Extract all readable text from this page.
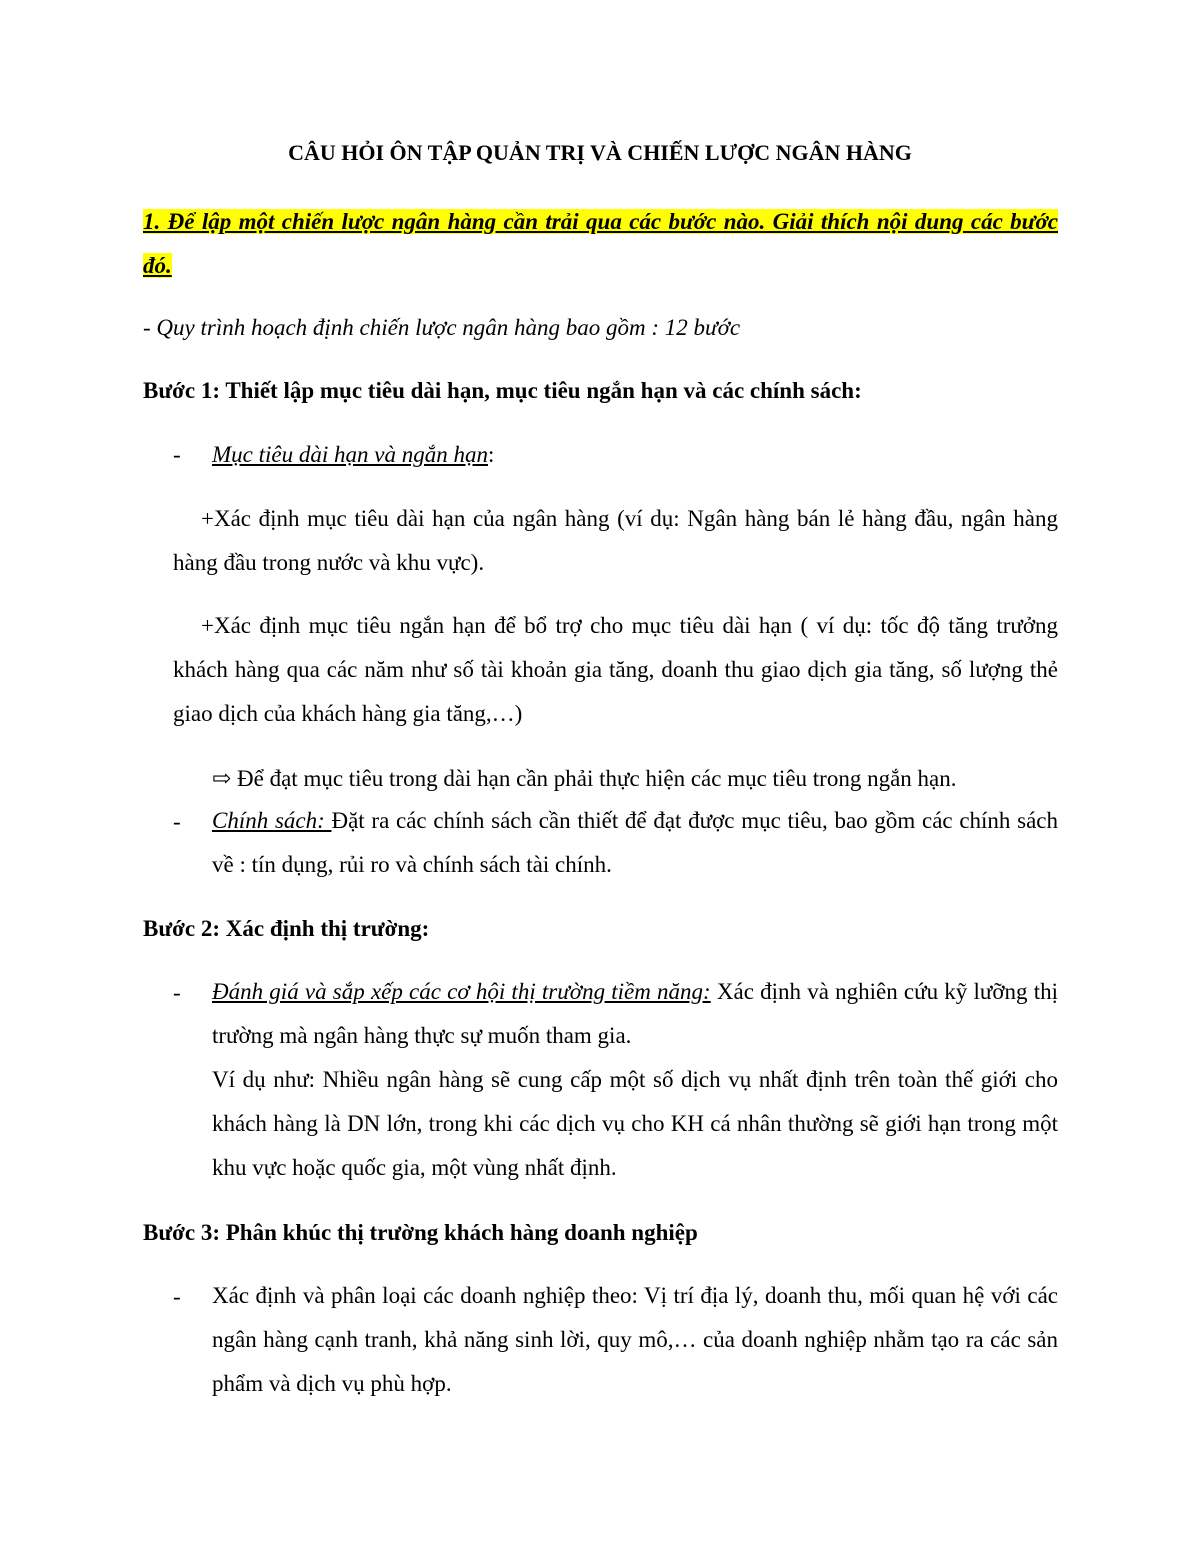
CÂU HỎI ÔN TẬP QUẢN TRỊ VÀ CHIẾN LƯỢC NGÂN HÀNG
1. Để lập một chiến lược ngân hàng cần trải qua các bước nào. Giải thích nội dung các bước đó.
- Quy trình hoạch định chiến lược ngân hàng bao gồm : 12 bước
Bước 1: Thiết lập mục tiêu dài hạn, mục tiêu ngắn hạn và các chính sách:
- Mục tiêu dài hạn và ngắn hạn:
+Xác định mục tiêu dài hạn của ngân hàng (ví dụ: Ngân hàng bán lẻ hàng đầu, ngân hàng hàng đầu trong nước và khu vực).
+Xác định mục tiêu ngắn hạn để bổ trợ cho mục tiêu dài hạn ( ví dụ: tốc độ tăng trưởng khách hàng qua các năm như số tài khoản gia tăng, doanh thu giao dịch gia tăng, số lượng thẻ giao dịch của khách hàng gia tăng,…)
⇨ Để đạt mục tiêu trong dài hạn cần phải thực hiện các mục tiêu trong ngắn hạn.
- Chính sách: Đặt ra các chính sách cần thiết để đạt được mục tiêu, bao gồm các chính sách về : tín dụng, rủi ro và chính sách tài chính.
Bước 2: Xác định thị trường:
- Đánh giá và sắp xếp các cơ hội thị trường tiềm năng: Xác định và nghiên cứu kỹ lưỡng thị trường mà ngân hàng thực sự muốn tham gia.
Ví dụ như: Nhiều ngân hàng sẽ cung cấp một số dịch vụ nhất định trên toàn thế giới cho khách hàng là DN lớn, trong khi các dịch vụ cho KH cá nhân thường sẽ giới hạn trong một khu vực hoặc quốc gia, một vùng nhất định.
Bước 3: Phân khúc thị trường khách hàng doanh nghiệp
- Xác định và phân loại các doanh nghiệp theo: Vị trí địa lý, doanh thu, mối quan hệ với các ngân hàng cạnh tranh, khả năng sinh lời, quy mô,… của doanh nghiệp nhằm tạo ra các sản phẩm và dịch vụ phù hợp.
